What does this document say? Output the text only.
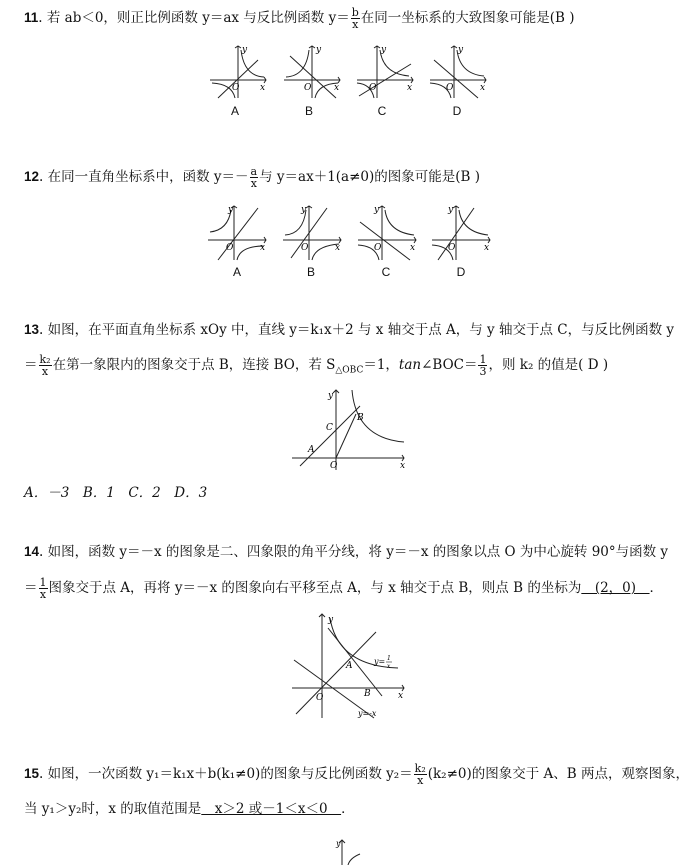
11. 若 ab＜0，则正比例函数 y＝ax 与反比例函数 $y= \frac{b}{x}$ 在同一坐标系的大致图象可能是(B )
y
O x
y
O	x
y
O	x
y
O	x
A	B	C	D
12. 在同一直角坐标系中，函数 $y=- \frac{a}{x}$ 与 y＝ax＋1(a≠0)的图象可能是(B )
y
O	x
y
O	x
y
O	x
y
O	x
A	B	C	D
13. 如图，在平面直角坐标系 xOy 中，直线 y＝k₁x＋2 与 x 轴交于点 A，与 y 轴交于点 C，与反比例函数 y
＝ $\frac{\text{k₂}}{x}$ 在第一象限内的图象交于点 B，连接 BO，若 $S_{\triangle OBC}=1$，tan∠BOC＝ $\frac{1}{3}$ ，则 k₂ 的值是( D )
y
A
O
C
B
x
A．－3　B．1　C．2　D．3
14. 如图，函数 y＝－x 的图象是二、四象限的角平分线，将 y＝－x 的图象以点 O 为中心旋转 90°与函数 y
＝ $\frac{1}{x}$ 图象交于点 A，再将 y＝－x 的图象向右平移至点 A，与 x 轴交于点 B，则点 B 的坐标为　(2，0)　．
A
B
O
y
x
y= 1
x
y=-x
15. 如图，一次函数 y₁＝k₁x＋b(k₁≠0)的图象与反比例函数 $y_2= \frac{\text{k₂}}{x} (k_2\ne 0)$的图象交于 A、B 两点，观察图象，
当 y₁＞y₂时，x 的取值范围是　x＞2 或－1＜x＜0　．
y
